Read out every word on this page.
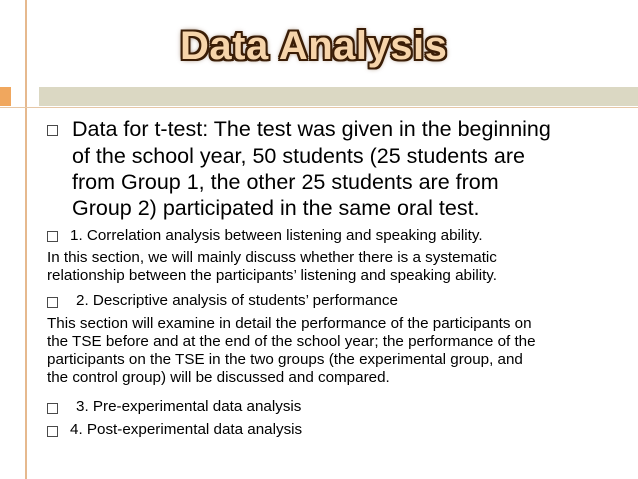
Data Analysis
Data for t-test: The test was given in the beginning
of the school year, 50 students (25 students are
from Group 1, the other 25 students are from
Group 2) participated in the same oral test.
1. Correlation analysis between listening and speaking ability.
In this section, we will mainly discuss whether there is a systematic
relationship between the participants’ listening and speaking ability.
2. Descriptive analysis of students’ performance
This section will examine in detail the performance of the participants on
the TSE before and at the end of the school year; the performance of the
participants on the TSE in the two groups (the experimental group, and
the control group) will be discussed and compared.
3. Pre-experimental data analysis
4. Post-experimental data analysis
